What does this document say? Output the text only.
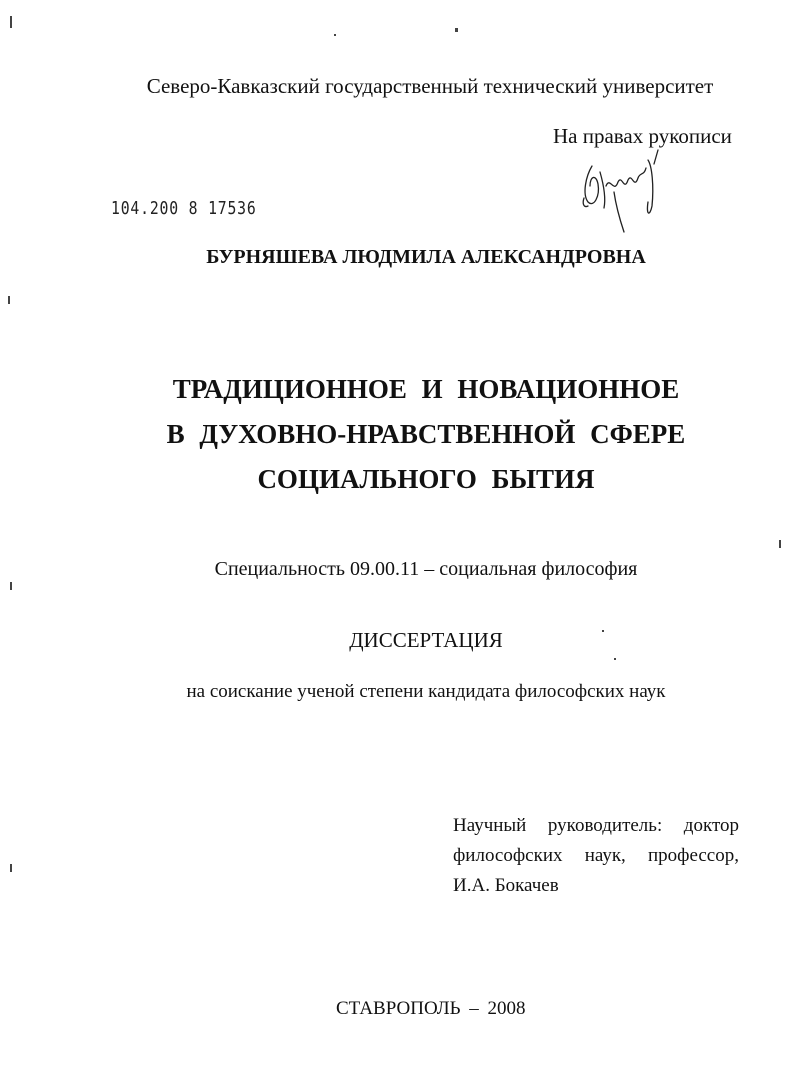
Северо-Кавказский государственный технический университет
На правах рукописи
104.200 8 17536
БУРНЯШЕВА ЛЮДМИЛА АЛЕКСАНДРОВНА
ТРАДИЦИОННОЕ И НОВАЦИОННОЕ
В ДУХОВНО-НРАВСТВЕННОЙ СФЕРЕ
СОЦИАЛЬНОГО БЫТИЯ
Специальность 09.00.11 – социальная философия
ДИССЕРТАЦИЯ
на соискание ученой степени кандидата философских наук
Научный руководитель: доктор
философских наук, профессор,
И.А. Бокачев
СТАВРОПОЛЬ – 2008
